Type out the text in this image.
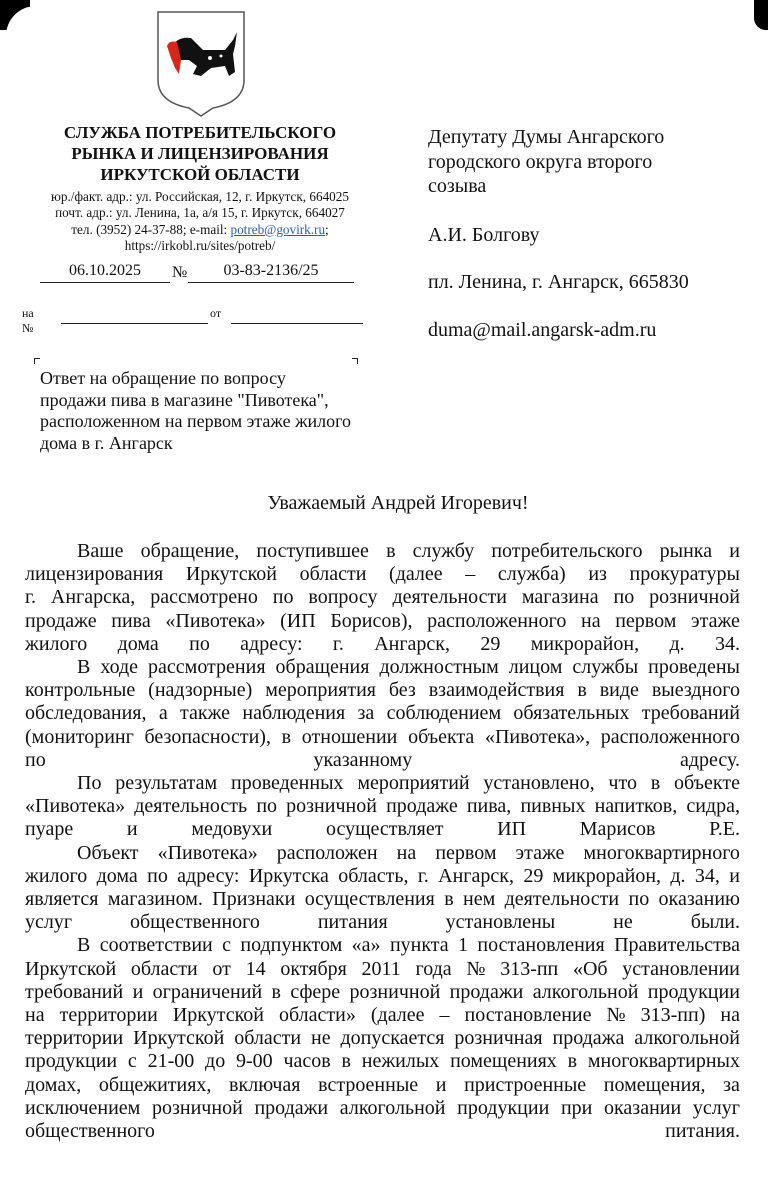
СЛУЖБА ПОТРЕБИТЕЛЬСКОГО
РЫНКА И ЛИЦЕНЗИРОВАНИЯ
ИРКУТСКОЙ ОБЛАСТИ
юр./факт. адр.: ул. Российская, 12, г. Иркутск, 664025
почт. адр.: ул. Ленина, 1а, а/я 15, г. Иркутск, 664027
тел. (3952) 24-37-88; e-mail: potreb@govirk.ru;
https://irkobl.ru/sites/potreb/
06.10.2025	№	03-83-2136/25
на №
от
Ответ на обращение по вопросу
продажи пива в магазине "Пивотека",
расположенном на первом этаже жилого
дома в г. Ангарск
Депутату Думы Ангарского
городского округа второго
созыва
А.И. Болгову
пл. Ленина, г. Ангарск, 665830
duma@mail.angarsk-adm.ru
Уважаемый Андрей Игоревич!
Ваше обращение, поступившее в службу потребительского рынка и
лицензирования Иркутской области (далее – служба) из прокуратуры
г. Ангарска, рассмотрено по вопросу деятельности магазина по розничной
продаже пива «Пивотека» (ИП Борисов), расположенного на первом этаже
жилого дома по адресу: г. Ангарск, 29 микрорайон, д. 34.
В ходе рассмотрения обращения должностным лицом службы проведены
контрольные (надзорные) мероприятия без взаимодействия в виде выездного
обследования, а также наблюдения за соблюдением обязательных требований
(мониторинг безопасности), в отношении объекта «Пивотека», расположенного
по указанному адресу.
По результатам проведенных мероприятий установлено, что в объекте
«Пивотека» деятельность по розничной продаже пива, пивных напитков, сидра,
пуаре и медовухи осуществляет ИП Марисов Р.Е.
Объект «Пивотека» расположен на первом этаже многоквартирного
жилого дома по адресу: Иркутска область, г. Ангарск, 29 микрорайон, д. 34, и
является магазином. Признаки осуществления в нем деятельности по оказанию
услуг общественного питания установлены не были.
В соответствии с подпунктом «а» пункта 1 постановления Правительства
Иркутской области от 14 октября 2011 года № 313-пп «Об установлении
требований и ограничений в сфере розничной продажи алкогольной продукции
на территории Иркутской области» (далее – постановление № 313-пп) на
территории Иркутской области не допускается розничная продажа алкогольной
продукции с 21-00 до 9-00 часов в нежилых помещениях в многоквартирных
домах, общежитиях, включая встроенные и пристроенные помещения, за
исключением розничной продажи алкогольной продукции при оказании услуг
общественного питания.
